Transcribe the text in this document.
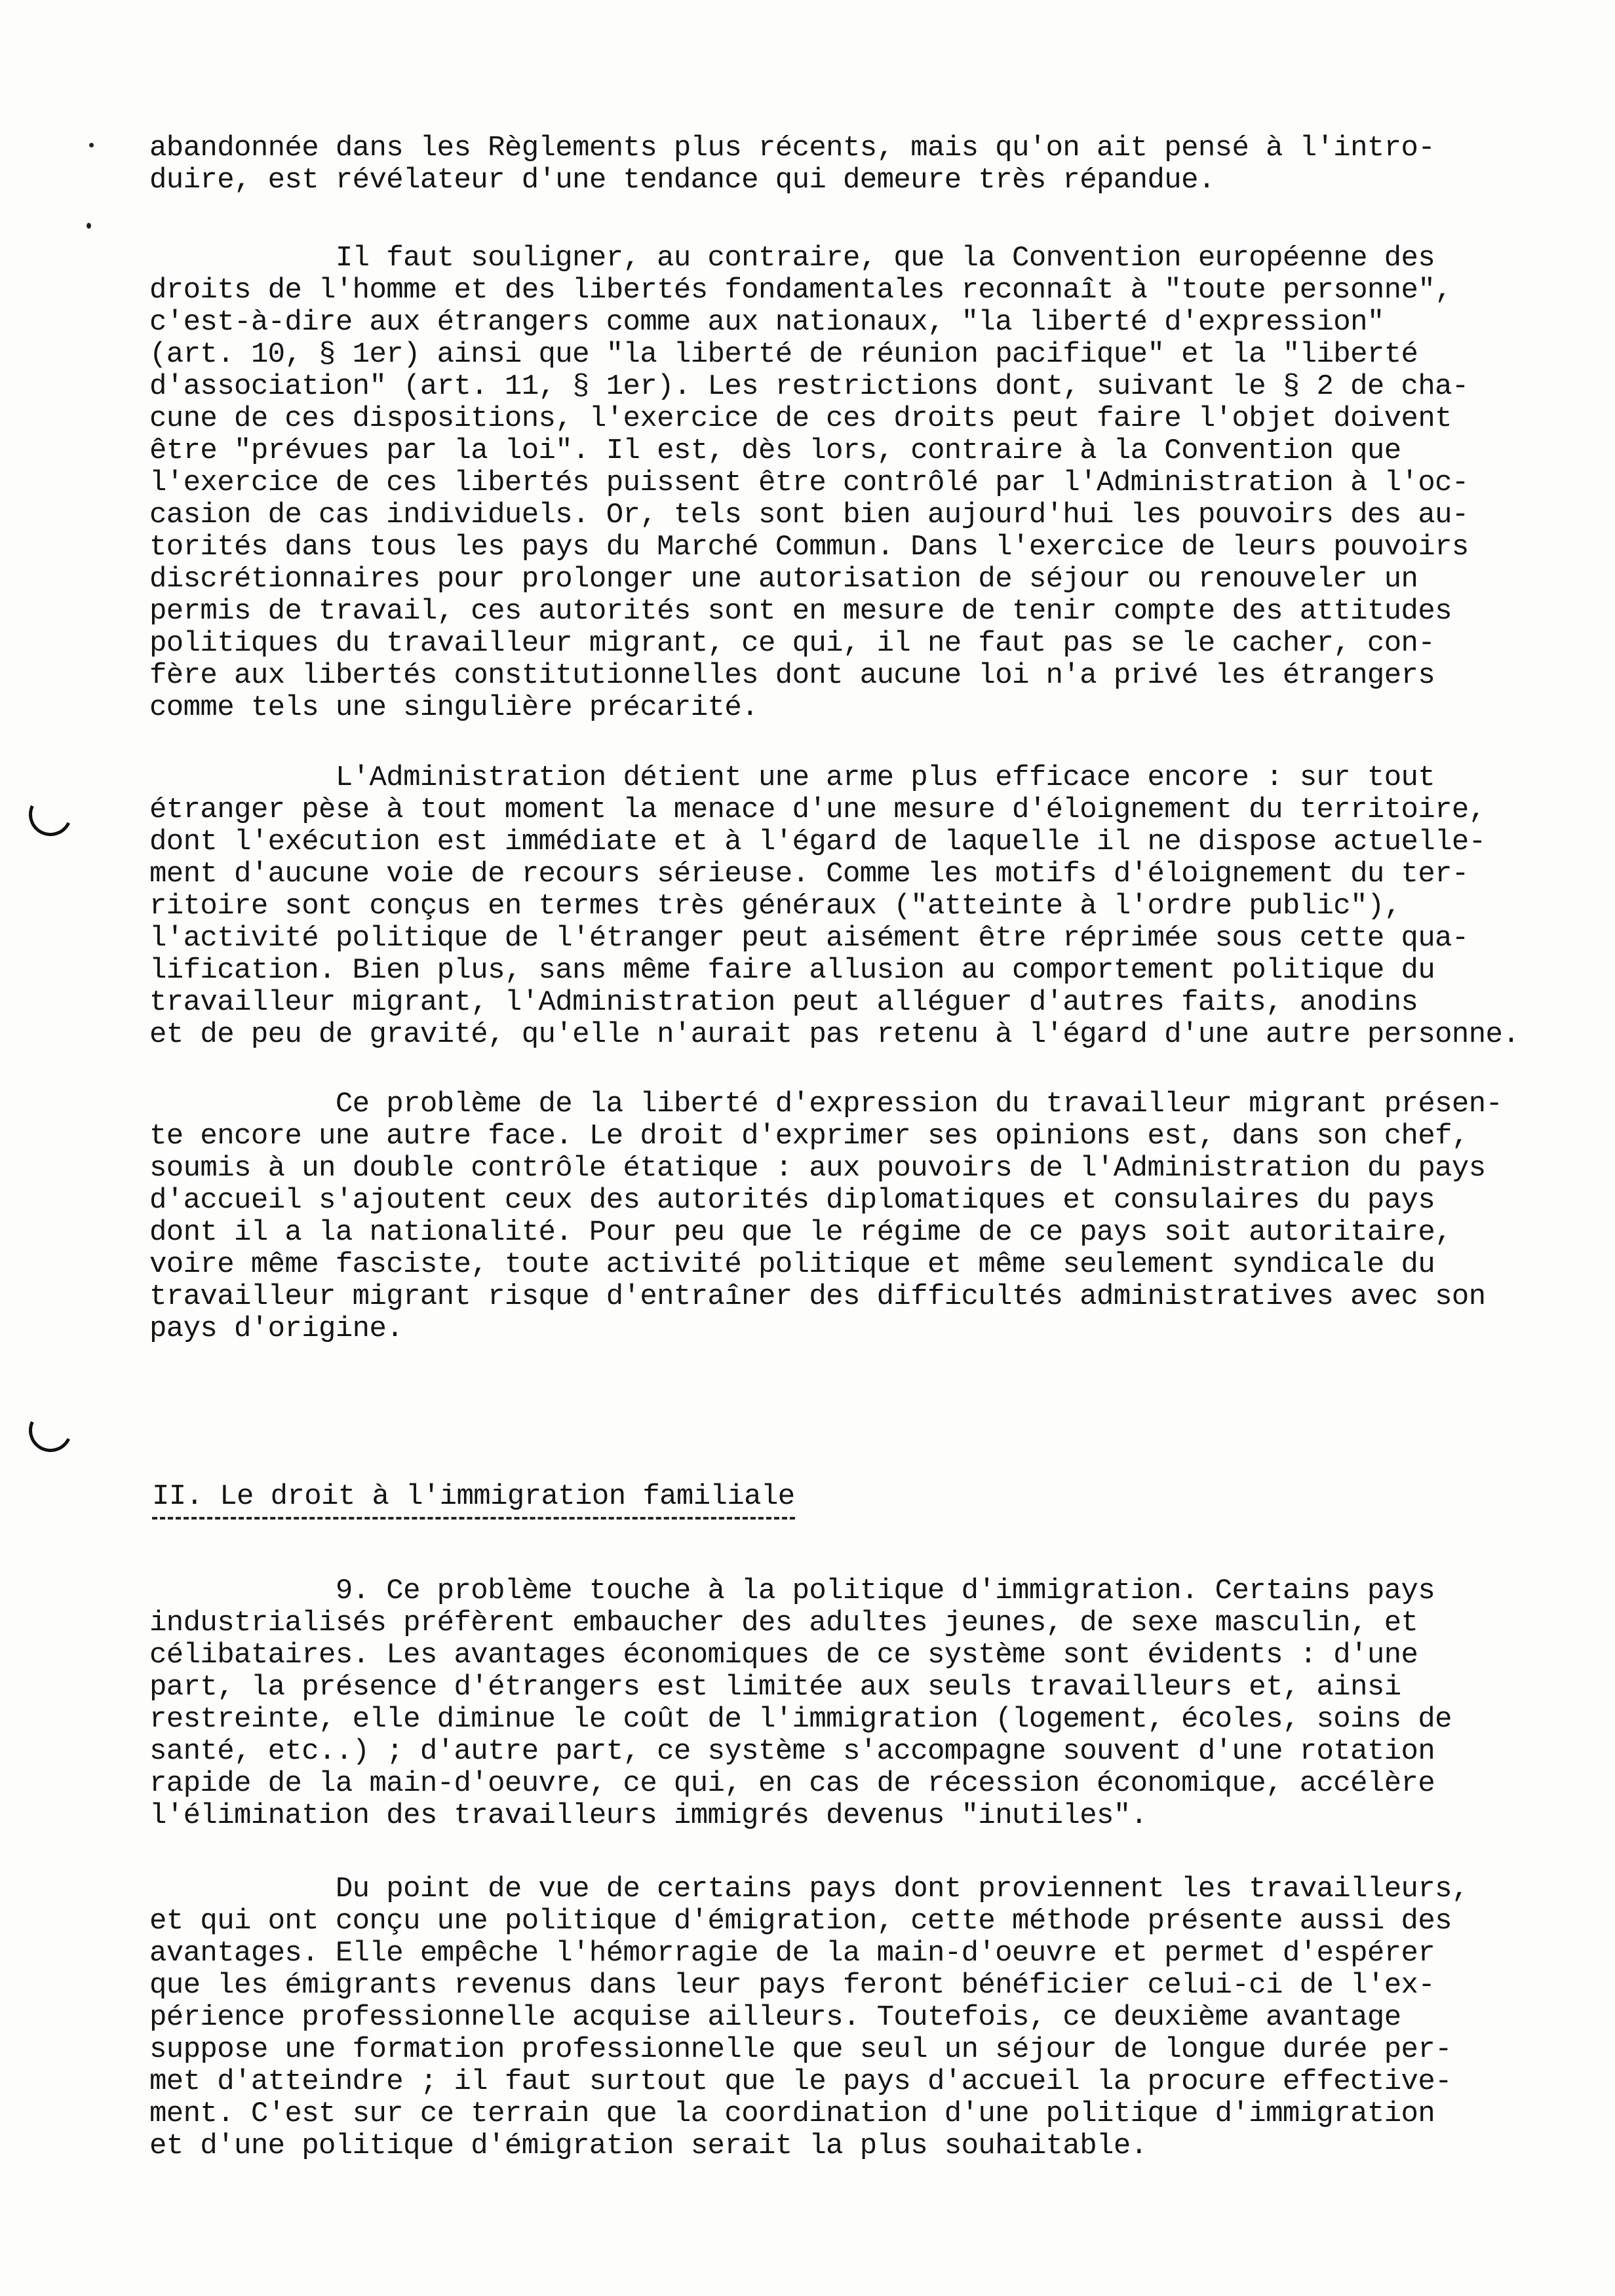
abandonnée dans les Règlements plus récents, mais qu'on ait pensé à l'intro-
duire, est révélateur d'une tendance qui demeure très répandue.
Il faut souligner, au contraire, que la Convention européenne des
droits de l'homme et des libertés fondamentales reconnaît à "toute personne",
c'est-à-dire aux étrangers comme aux nationaux, "la liberté d'expression"
(art. 10, § 1er) ainsi que "la liberté de réunion pacifique" et la "liberté
d'association" (art. 11, § 1er). Les restrictions dont, suivant le § 2 de cha-
cune de ces dispositions, l'exercice de ces droits peut faire l'objet doivent
être "prévues par la loi". Il est, dès lors, contraire à la Convention que
l'exercice de ces libertés puissent être contrôlé par l'Administration à l'oc-
casion de cas individuels. Or, tels sont bien aujourd'hui les pouvoirs des au-
torités dans tous les pays du Marché Commun. Dans l'exercice de leurs pouvoirs
discrétionnaires pour prolonger une autorisation de séjour ou renouveler un
permis de travail, ces autorités sont en mesure de tenir compte des attitudes
politiques du travailleur migrant, ce qui, il ne faut pas se le cacher, con-
fère aux libertés constitutionnelles dont aucune loi n'a privé les étrangers
comme tels une singulière précarité.
L'Administration détient une arme plus efficace encore : sur tout
étranger pèse à tout moment la menace d'une mesure d'éloignement du territoire,
dont l'exécution est immédiate et à l'égard de laquelle il ne dispose actuelle-
ment d'aucune voie de recours sérieuse. Comme les motifs d'éloignement du ter-
ritoire sont conçus en termes très généraux ("atteinte à l'ordre public"),
l'activité politique de l'étranger peut aisément être réprimée sous cette qua-
lification. Bien plus, sans même faire allusion au comportement politique du
travailleur migrant, l'Administration peut alléguer d'autres faits, anodins
et de peu de gravité, qu'elle n'aurait pas retenu à l'égard d'une autre personne.
Ce problème de la liberté d'expression du travailleur migrant présen-
te encore une autre face. Le droit d'exprimer ses opinions est, dans son chef,
soumis à un double contrôle étatique : aux pouvoirs de l'Administration du pays
d'accueil s'ajoutent ceux des autorités diplomatiques et consulaires du pays
dont il a la nationalité. Pour peu que le régime de ce pays soit autoritaire,
voire même fasciste, toute activité politique et même seulement syndicale du
travailleur migrant risque d'entraîner des difficultés administratives avec son
pays d'origine.
II. Le droit à l'immigration familiale
9. Ce problème touche à la politique d'immigration. Certains pays
industrialisés préfèrent embaucher des adultes jeunes, de sexe masculin, et
célibataires. Les avantages économiques de ce système sont évidents : d'une
part, la présence d'étrangers est limitée aux seuls travailleurs et, ainsi
restreinte, elle diminue le coût de l'immigration (logement, écoles, soins de
santé, etc..) ; d'autre part, ce système s'accompagne souvent d'une rotation
rapide de la main-d'oeuvre, ce qui, en cas de récession économique, accélère
l'élimination des travailleurs immigrés devenus "inutiles".
Du point de vue de certains pays dont proviennent les travailleurs,
et qui ont conçu une politique d'émigration, cette méthode présente aussi des
avantages. Elle empêche l'hémorragie de la main-d'oeuvre et permet d'espérer
que les émigrants revenus dans leur pays feront bénéficier celui-ci de l'ex-
périence professionnelle acquise ailleurs. Toutefois, ce deuxième avantage
suppose une formation professionnelle que seul un séjour de longue durée per-
met d'atteindre ; il faut surtout que le pays d'accueil la procure effective-
ment. C'est sur ce terrain que la coordination d'une politique d'immigration
et d'une politique d'émigration serait la plus souhaitable.
